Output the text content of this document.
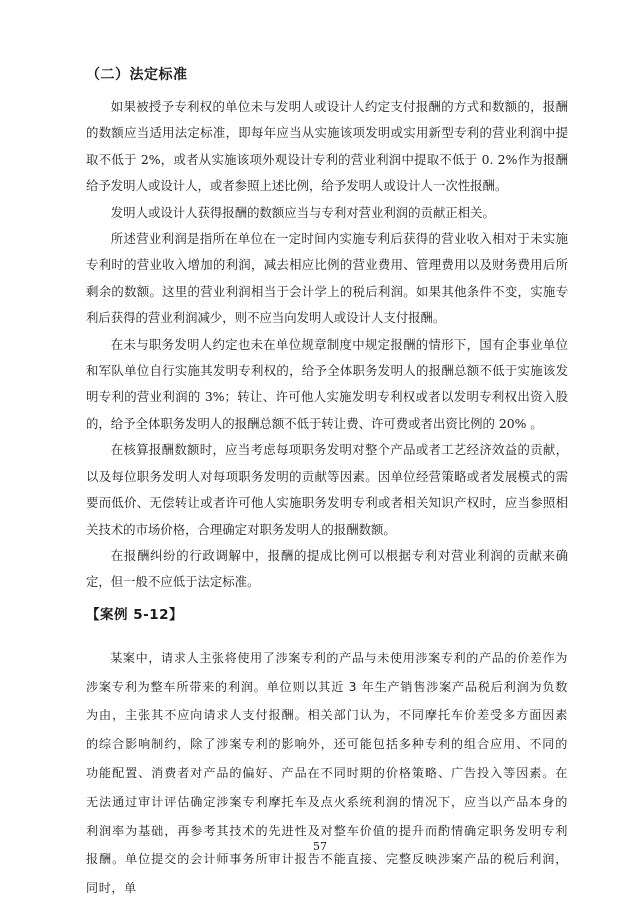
（二）法定标准

如果被授予专利权的单位未与发明人或设计人约定支付报酬的方式和数额的，报酬的数额应当适用法定标准，即每年应当从实施该项发明或实用新型专利的营业利润中提取不低于 2%，或者从实施该项外观设计专利的营业利润中提取不低于 0. 2%作为报酬给予发明人或设计人，或者参照上述比例，给予发明人或设计人一次性报酬。

发明人或设计人获得报酬的数额应当与专利对营业利润的贡献正相关。

所述营业利润是指所在单位在一定时间内实施专利后获得的营业收入相对于未实施专利时的营业收入增加的利润，减去相应比例的营业费用、管理费用以及财务费用后所剩余的数额。这里的营业利润相当于会计学上的税后利润。如果其他条件不变，实施专利后获得的营业利润减少，则不应当向发明人或设计人支付报酬。

在未与职务发明人约定也未在单位规章制度中规定报酬的情形下，国有企事业单位和军队单位自行实施其发明专利权的，给予全体职务发明人的报酬总额不低于实施该发明专利的营业利润的 3%；转让、许可他人实施发明专利权或者以发明专利权出资入股的，给予全体职务发明人的报酬总额不低于转让费、许可费或者出资比例的 20% 。

在核算报酬数额时，应当考虑每项职务发明对整个产品或者工艺经济效益的贡献，以及每位职务发明人对每项职务发明的贡献等因素。因单位经营策略或者发展模式的需要而低价、无偿转让或者许可他人实施职务发明专利或者相关知识产权时，应当参照相关技术的市场价格，合理确定对职务发明人的报酬数额。

在报酬纠纷的行政调解中，报酬的提成比例可以根据专利对营业利润的贡献来确定，但一般不应低于法定标准。

【案例 5-12】

某案中，请求人主张将使用了涉案专利的产品与未使用涉案专利的产品的价差作为涉案专利为整车所带来的利润。单位则以其近 3 年生产销售涉案产品税后利润为负数为由，主张其不应向请求人支付报酬。相关部门认为，不同摩托车价差受多方面因素的综合影响制约，除了涉案专利的影响外，还可能包括多种专利的组合应用、不同的功能配置、消费者对产品的偏好、产品在不同时期的价格策略、广告投入等因素。在无法通过审计评估确定涉案专利摩托车及点火系统利润的情况下，应当以产品本身的利润率为基础，再参考其技术的先进性及对整车价值的提升而酌情确定职务发明专利报酬。单位提交的会计师事务所审计报告不能直接、完整反映涉案产品的税后利润，同时，单

57
